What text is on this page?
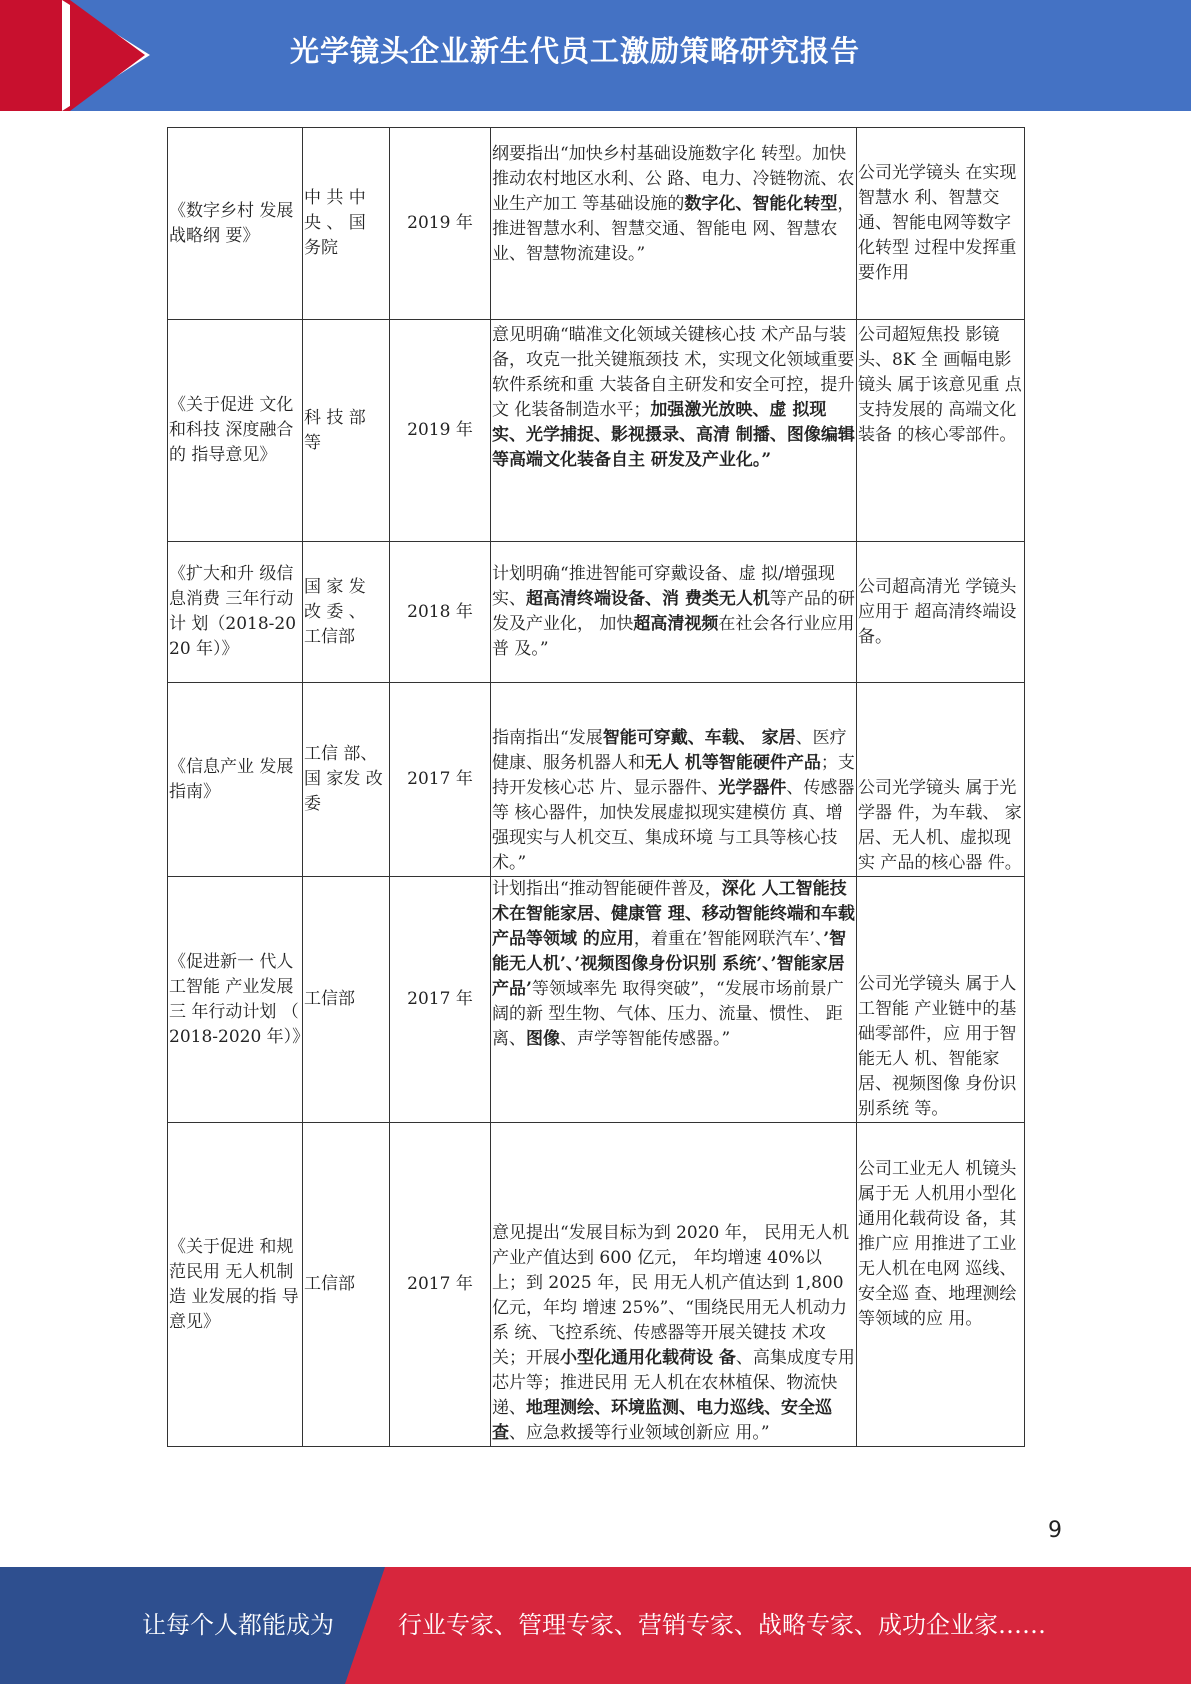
光学镜头企业新生代员工激励策略研究报告
《数字乡村 发展战略纲 要》	中 共 中 央 、 国 务院	2019 年	纲要指出“加快乡村基础设施数字化 转型。加快推动农村地区水利、公 路、电力、冷链物流、农业生产加工 等基础设施的数字化、智能化转型， 推进智慧水利、智慧交通、智能电 网、智慧农业、智慧物流建设。”	公司光学镜头 在实现智慧水 利、智慧交 通、智能电网等数字化转型 过程中发挥重 要作用
《关于促进 文化和科技 深度融合的 指导意见》	科 技 部 等	2019 年	意见明确“瞄准文化领域关键核心技 术产品与装备，攻克一批关键瓶颈技 术，实现文化领域重要软件系统和重 大装备自主研发和安全可控，提升文 化装备制造水平；加强激光放映、虚 拟现实、光学捕捉、影视摄录、高清 制播、图像编辑等高端文化装备自主 研发及产业化。”	公司超短焦投 影镜头、8K 全 画幅电影镜头 属于该意见重 点支持发展的 高端文化装备 的核心零部件。
《扩大和升 级信息消费 三年行动计 划（2018-2020 年）》	国 家 发 改 委 、 工信部	2018 年	计划明确“推进智能可穿戴设备、虚 拟/增强现实、超高清终端设备、消 费类无人机等产品的研发及产业化， 加快超高清视频在社会各行业应用普 及。”	公司超高清光 学镜头应用于 超高清终端设 备。
《信息产业 发展指南》	工信 部、国 家发 改 委	2017 年	指南指出“发展智能可穿戴、车载、 家居、医疗健康、服务机器人和无人 机等智能硬件产品；支持开发核心芯 片、显示器件、光学器件、传感器等 核心器件，加快发展虚拟现实建模仿 真、增强现实与人机交互、集成环境 与工具等核心技术。”	公司光学镜头 属于光学器 件，为车载、 家居、无人机、虚拟现实 产品的核心器 件。
《促进新一 代人工智能 产业发展三 年行动计划 （ 2018-2020 年）》	工信部	2017 年	计划指出“推动智能硬件普及，深化 人工智能技术在智能家居、健康管 理、移动智能终端和车载产品等领域 的应用，着重在’智能网联汽车’、’智能无人机’、’视频图像身份识别 系统’、’智能家居产品’等领域率先 取得突破”，“发展市场前景广阔的新 型生物、气体、压力、流量、惯性、 距离、图像、声学等智能传感器。”	公司光学镜头 属于人工智能 产业链中的基 础零部件，应 用于智能无人 机、智能家居、视频图像 身份识别系统 等。
《关于促进 和规范民用 无人机制造 业发展的指 导意见》	工信部	2017 年	意见提出“发展目标为到 2020 年， 民用无人机产业产值达到 600 亿元， 年均增速 40%以上；到 2025 年，民 用无人机产值达到 1,800 亿元，年均 增速 25%”、“围绕民用无人机动力系 统、飞控系统、传感器等开展关键技 术攻关；开展小型化通用化载荷设 备、高集成度专用芯片等；推进民用 无人机在农林植保、物流快递、地理测绘、环境监测、电力巡线、安全巡 查、应急救援等行业领域创新应 用。”	公司工业无人 机镜头属于无 人机用小型化 通用化载荷设 备，其推广应 用推进了工业无人机在电网 巡线、安全巡 查、地理测绘 等领域的应 用。
9
让每个人都能成为	行业专家、管理专家、营销专家、战略专家、成功企业家……
